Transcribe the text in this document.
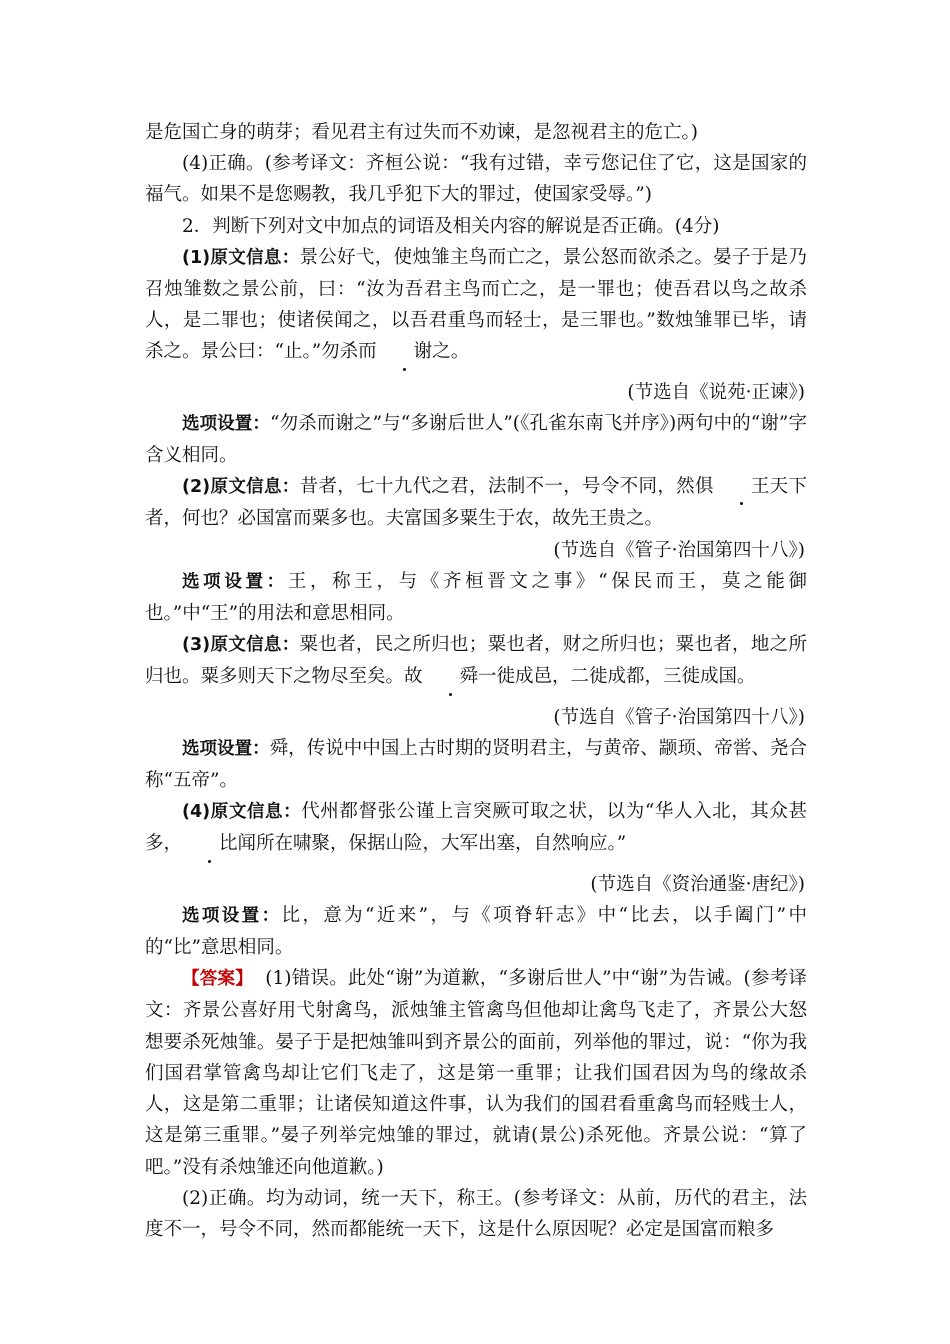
是危国亡身的萌芽；看见君主有过失而不劝谏，是忽视君主的危亡。)

(4)正确。(参考译文：齐桓公说：“我有过错，幸亏您记住了它，这是国家的福气。如果不是您赐教，我几乎犯下大的罪过，使国家受辱。”)

2．判断下列对文中加点的词语及相关内容的解说是否正确。(4分)

(1)原文信息：景公好弋，使烛雏主鸟而亡之，景公怒而欲杀之。晏子于是乃召烛雏数之景公前，曰：“汝为吾君主鸟而亡之，是一罪也；使吾君以鸟之故杀人，是二罪也；使诸侯闻之，以吾君重鸟而轻士，是三罪也。”数烛雏罪已毕，请杀之。景公曰：“止。”勿杀而 谢之。

(节选自《说苑·正谏》)

选项设置：“勿杀而谢之”与“多谢后世人”(《孔雀东南飞并序》)两句中的“谢”字含义相同。

(2)原文信息：昔者，七十九代之君，法制不一，号令不同，然俱 王天下者，何也？必国富而粟多也。夫富国多粟生于农，故先王贵之。

(节选自《管子·治国第四十八》)

选项设置：王，称王，与《齐桓晋文之事》“保民而王，莫之能御也。”中“王”的用法和意思相同。

(3)原文信息：粟也者，民之所归也；粟也者，财之所归也；粟也者，地之所归也。粟多则天下之物尽至矣。故 舜一徙成邑，二徙成都，三徙成国。

(节选自《管子·治国第四十八》)

选项设置：舜，传说中中国上古时期的贤明君主，与黄帝、颛顼、帝喾、尧合称“五帝”。

(4)原文信息：代州都督张公谨上言突厥可取之状，以为“华人入北，其众甚多， 比闻所在啸聚，保据山险，大军出塞，自然响应。”

(节选自《资治通鉴·唐纪》)

选项设置：比，意为“近来”，与《项脊轩志》中“比去，以手阖门”中的“比”意思相同。

【答案】 (1)错误。此处“谢”为道歉，“多谢后世人”中“谢”为告诫。(参考译文：齐景公喜好用弋射禽鸟，派烛雏主管禽鸟但他却让禽鸟飞走了，齐景公大怒想要杀死烛雏。晏子于是把烛雏叫到齐景公的面前，列举他的罪过，说：“你为我们国君掌管禽鸟却让它们飞走了，这是第一重罪；让我们国君因为鸟的缘故杀人，这是第二重罪；让诸侯知道这件事，认为我们的国君看重禽鸟而轻贱士人，这是第三重罪。”晏子列举完烛雏的罪过，就请(景公)杀死他。齐景公说：“算了吧。”没有杀烛雏还向他道歉。)

(2)正确。均为动词，统一天下，称王。(参考译文：从前，历代的君主，法度不一，号令不同，然而都能统一天下，这是什么原因呢？必定是国富而粮多
